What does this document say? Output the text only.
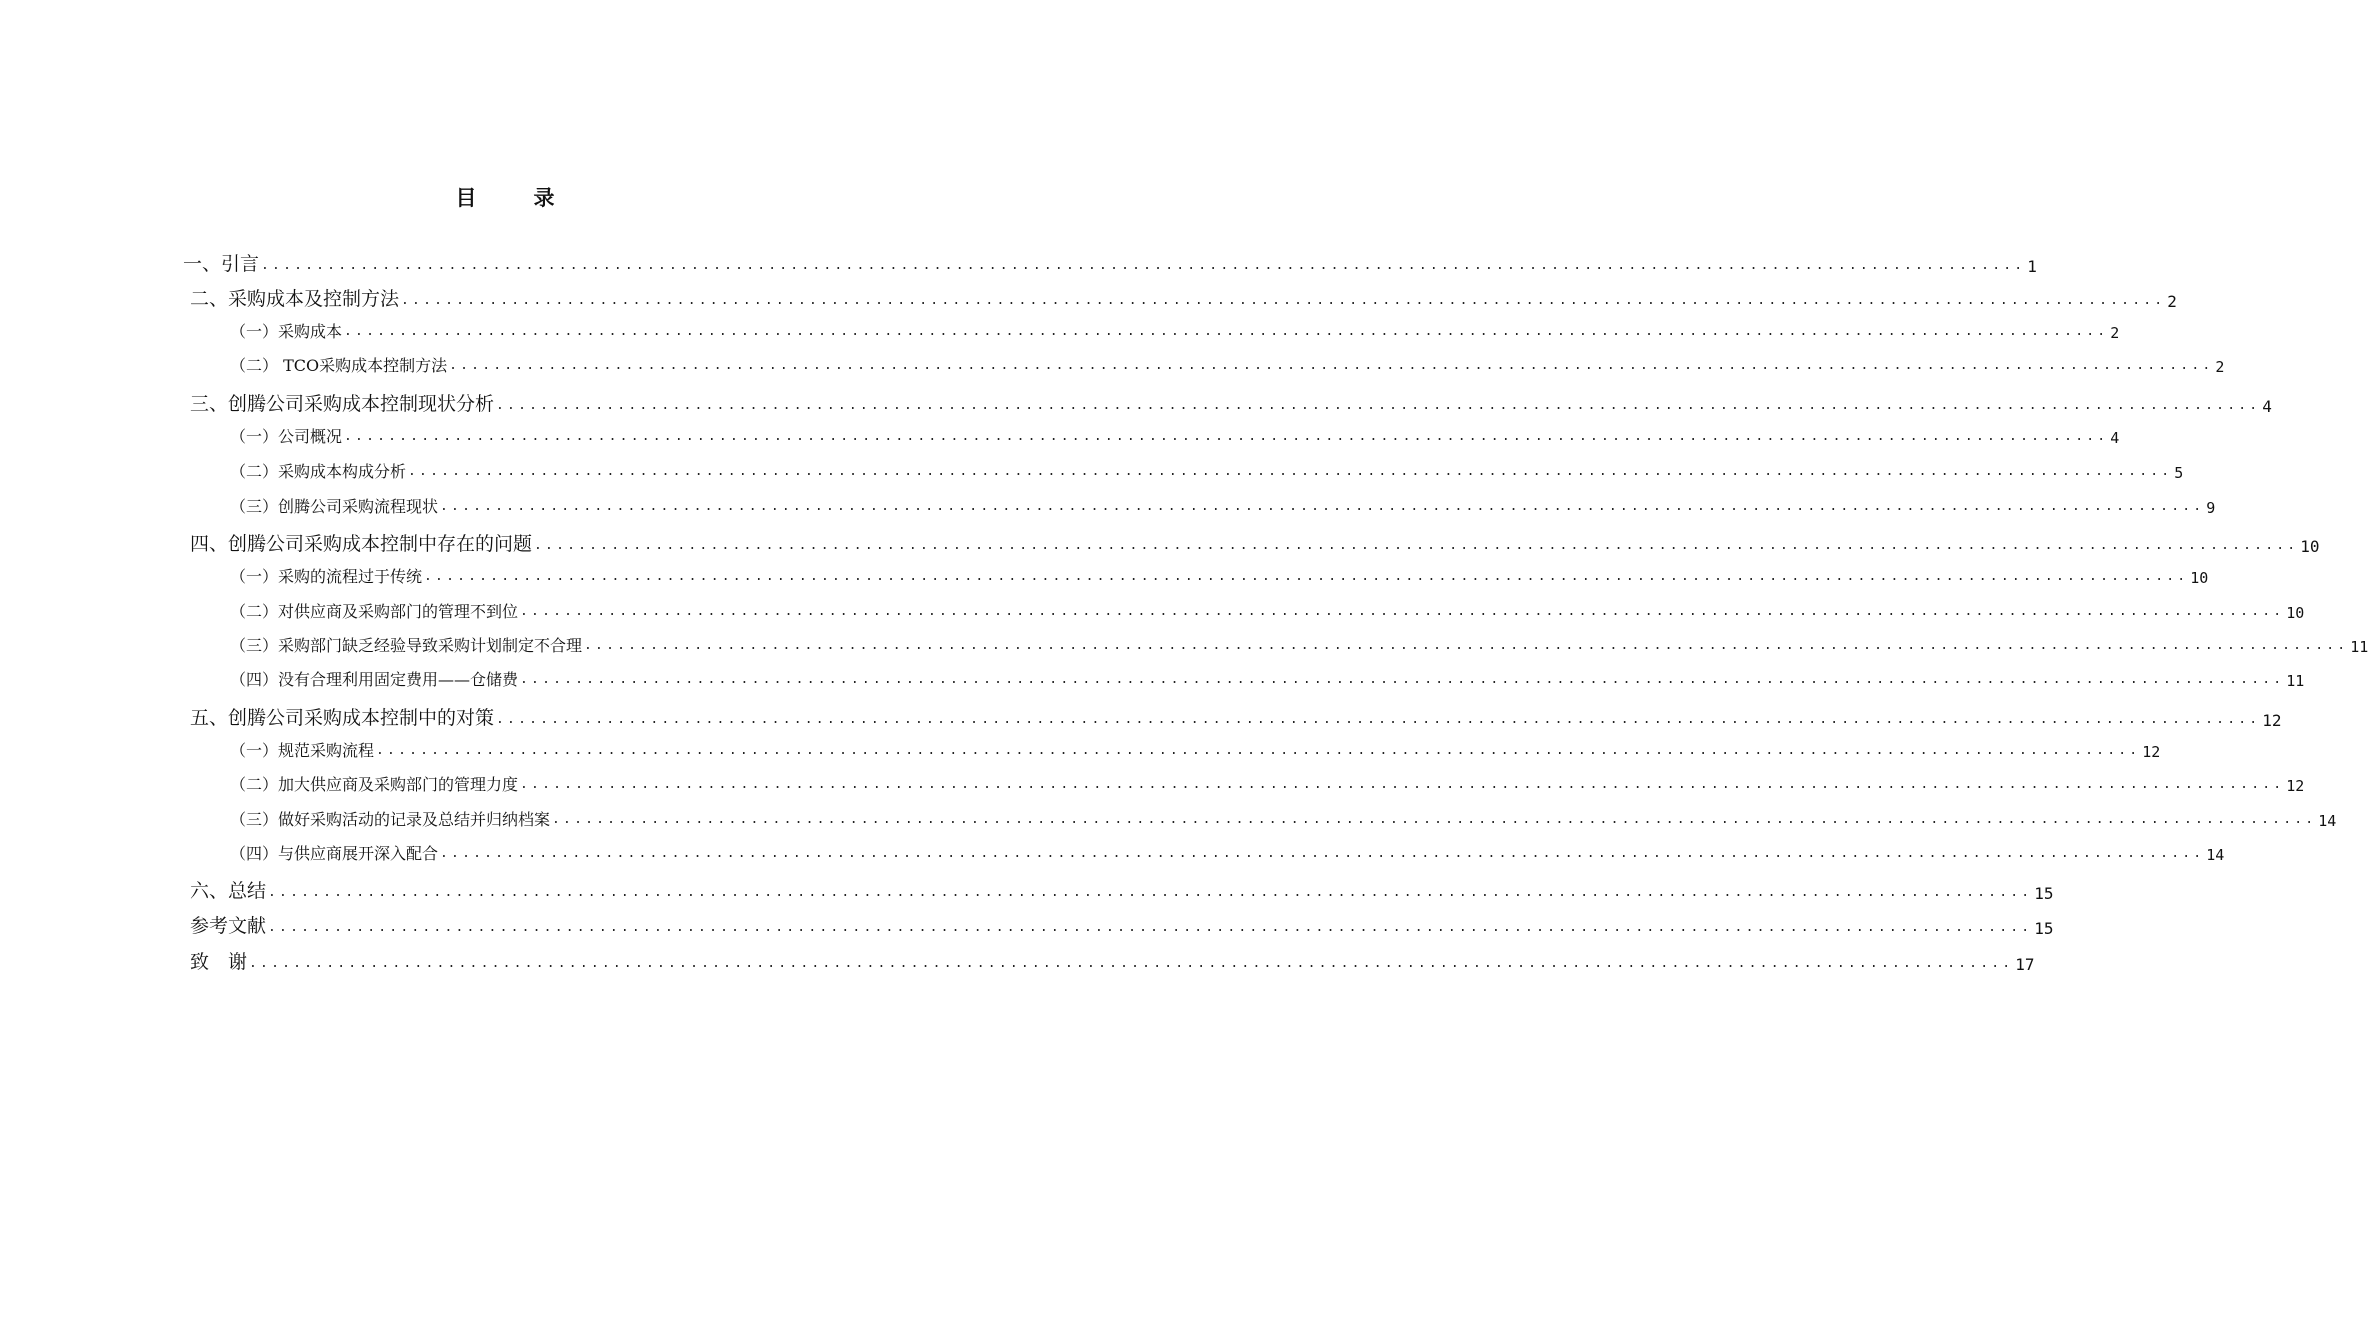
目　录
一、引言 ................................................................................................................................................................ 1
二、采购成本及控制方法 ................................................................................................................................................................ 2
（一）采购成本 ................................................................................................................................................................ 2
（二） TCO采购成本控制方法 ................................................................................................................................................................ 2
三、创腾公司采购成本控制现状分析 ................................................................................................................................................................ 4
（一）公司概况 ................................................................................................................................................................ 4
（二）采购成本构成分析 ................................................................................................................................................................ 5
（三）创腾公司采购流程现状 ................................................................................................................................................................ 9
四、创腾公司采购成本控制中存在的问题 ................................................................................................................................................................ 10
（一）采购的流程过于传统 ................................................................................................................................................................ 10
（二）对供应商及采购部门的管理不到位 ................................................................................................................................................................ 10
（三）采购部门缺乏经验导致采购计划制定不合理 ................................................................................................................................................................ 11
（四）没有合理利用固定费用——仓储费 ................................................................................................................................................................ 11
五、创腾公司采购成本控制中的对策 ................................................................................................................................................................ 12
（一）规范采购流程 ................................................................................................................................................................ 12
（二）加大供应商及采购部门的管理力度 ................................................................................................................................................................ 12
（三）做好采购活动的记录及总结并归纳档案 ................................................................................................................................................................ 14
（四）与供应商展开深入配合 ................................................................................................................................................................ 14
六、总结 ................................................................................................................................................................ 15
参考文献 ................................................................................................................................................................ 15
致　谢 ................................................................................................................................................................ 17
